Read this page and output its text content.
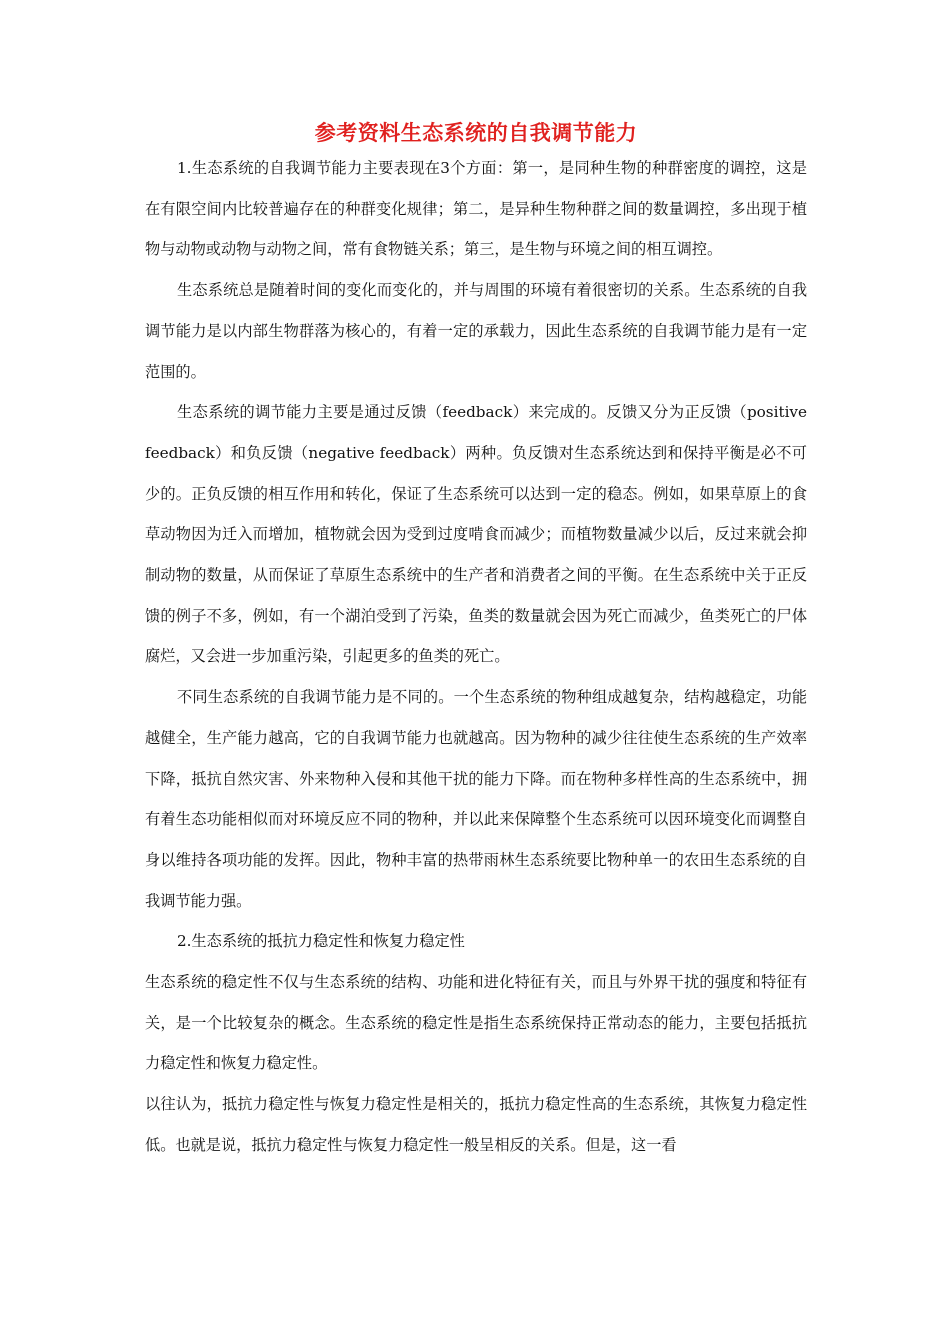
参考资料生态系统的自我调节能力

1.生态系统的自我调节能力主要表现在3个方面：第一，是同种生物的种群密度的调控，这是在有限空间内比较普遍存在的种群变化规律；第二，是异种生物种群之间的数量调控，多出现于植物与动物或动物与动物之间，常有食物链关系；第三，是生物与环境之间的相互调控。

生态系统总是随着时间的变化而变化的，并与周围的环境有着很密切的关系。生态系统的自我调节能力是以内部生物群落为核心的，有着一定的承载力，因此生态系统的自我调节能力是有一定范围的。

生态系统的调节能力主要是通过反馈（feedback）来完成的。反馈又分为正反馈（positive feedback）和负反馈（negative feedback）两种。负反馈对生态系统达到和保持平衡是必不可少的。正负反馈的相互作用和转化，保证了生态系统可以达到一定的稳态。例如，如果草原上的食草动物因为迁入而增加，植物就会因为受到过度啃食而减少；而植物数量减少以后，反过来就会抑制动物的数量，从而保证了草原生态系统中的生产者和消费者之间的平衡。在生态系统中关于正反馈的例子不多，例如，有一个湖泊受到了污染，鱼类的数量就会因为死亡而减少，鱼类死亡的尸体腐烂，又会进一步加重污染，引起更多的鱼类的死亡。

不同生态系统的自我调节能力是不同的。一个生态系统的物种组成越复杂，结构越稳定，功能越健全，生产能力越高，它的自我调节能力也就越高。因为物种的减少往往使生态系统的生产效率下降，抵抗自然灾害、外来物种入侵和其他干扰的能力下降。而在物种多样性高的生态系统中，拥有着生态功能相似而对环境反应不同的物种，并以此来保障整个生态系统可以因环境变化而调整自身以维持各项功能的发挥。因此，物种丰富的热带雨林生态系统要比物种单一的农田生态系统的自我调节能力强。

2.生态系统的抵抗力稳定性和恢复力稳定性

生态系统的稳定性不仅与生态系统的结构、功能和进化特征有关，而且与外界干扰的强度和特征有关，是一个比较复杂的概念。生态系统的稳定性是指生态系统保持正常动态的能力，主要包括抵抗力稳定性和恢复力稳定性。

以往认为，抵抗力稳定性与恢复力稳定性是相关的，抵抗力稳定性高的生态系统，其恢复力稳定性低。也就是说，抵抗力稳定性与恢复力稳定性一般呈相反的关系。但是，这一看
